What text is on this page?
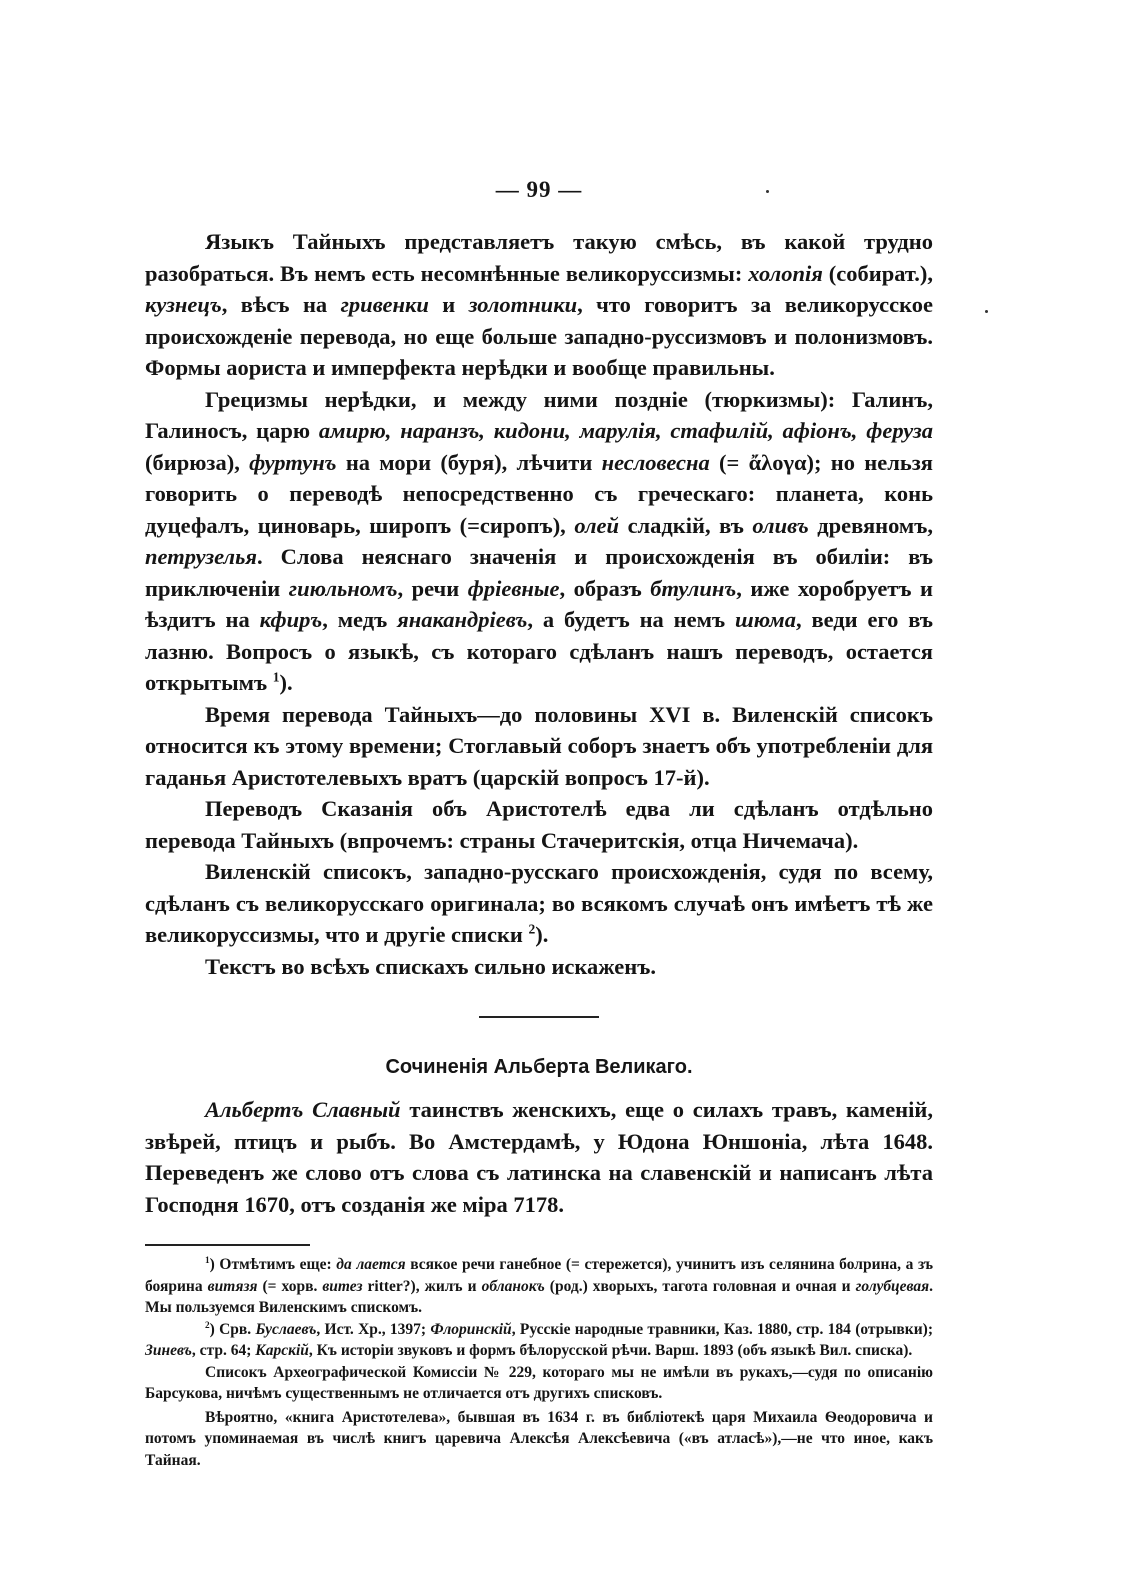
— 99 —

Языкъ Тайныхъ представляетъ такую смѣсь, въ какой трудно разобраться. Въ немъ есть несомнѣнные великорусcизмы: холопія (собират.), кузнецъ, вѣсъ на гривенки и золотники, что говоритъ за великорусское происхожденіе перевода, но еще больше западно-руссизмовъ и полонизмовъ. Формы аориста и имперфекта нерѣдки и вообще правильны.

Грецизмы нерѣдки, и между ними поздніе (тюркизмы): Галинъ, Галиносъ, царю амирю, наранзъ, кидони, марулія, стафилій, афіонъ, феруза (бирюза), фуртунъ на мори (буря), лѣчити несловесна (= ἄλογα); но нельзя говорить о переводѣ непосредственно съ греческаго: планета, конь дуцефалъ, циноварь, широпъ (=сиропъ), олей сладкій, въ оливъ древяномъ, петрузелья. Слова неяснаго значенія и происхожденія въ обиліи: въ приключеніи гиюльномъ, речи фріевные, образъ бтулинъ, иже хоробруетъ и ѣздитъ на кфиръ, медъ янакандріевъ, а будетъ на немъ шюма, веди его въ лазню. Вопросъ о языкѣ, съ котораго сдѣланъ нашъ переводъ, остается открытымъ $^1$).

Время перевода Тайныхъ—до половины XVI в. Виленскій списокъ относится къ этому времени; Стоглавый соборъ знаетъ объ употребленіи для гаданья Аристотелевыхъ вратъ (царскій вопросъ 17-й).

Переводъ Сказанія объ Аристотелѣ едва ли сдѣланъ отдѣльно перевода Тайныхъ (впрочемъ: страны Стачеритскія, отца Ничемача).

Виленскій списокъ, западно-русскаго происхожденія, судя по всему, сдѣланъ съ великорусскаго оригинала; во всякомъ случаѣ онъ имѣетъ тѣ же великоруссизмы, что и другіе списки $^2$).

Текстъ во всѣхъ спискахъ сильно искаженъ.

Сочиненія Альберта Великаго.

Альбертъ Славный таинствъ женскихъ, еще о силахъ травъ, каменій, звѣрей, птицъ и рыбъ. Во Амстердамѣ, у Юдона Юншоніа, лѣта 1648. Переведенъ же слово отъ слова съ латинска на славенскій и написанъ лѣта Господня 1670, отъ созданія же міра 7178.

$^1$) Отмѣтимъ еще: да лается всякое речи ганебное (= стережется), учинитъ изъ селянина болрина, а зъ боярина витязя (= хорв. витез ritter?), жилъ и обланокъ (род.) хворыхъ, тагота головная и очная и голубцевая. Мы пользуемся Виленскимъ спискомъ.

$^2$) Срв. Буслаевъ, Ист. Хр., 1397; Флоринскій, Русскіе народные травники, Каз. 1880, стр. 184 (отрывки); Зиневъ, стр. 64; Карскій, Къ исторіи звуковъ и формъ бѣлорусской рѣчи. Варш. 1893 (объ языкѣ Вил. списка).

Списокъ Археографической Комиссіи № 229, котораго мы не имѣли въ рукахъ,—судя по описанію Барсукова, ничѣмъ существеннымъ не отличается отъ другихъ списковъ.

Вѣроятно, «книга Аристотелева», бывшая въ 1634 г. въ библіотекѣ царя Михаила Ѳеодоровича и потомъ упоминаемая въ числѣ книгъ царевича Алексѣя Алексѣевича («въ атласѣ»),—не что иное, какъ Тайная.
